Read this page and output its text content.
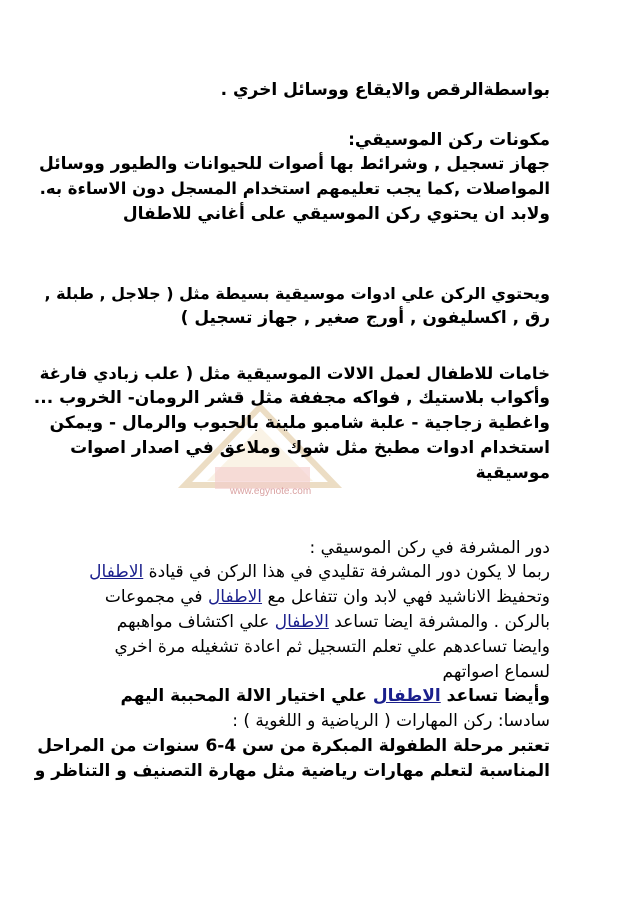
www.egynote.com
بواسطةالرقص والايقاع ووسائل اخري .
مكونات ركن الموسيقي:
جهاز تسجيل , وشرائط بها أصوات للحيوانات والطيور ووسائل
المواصلات ,كما يجب تعليمهم استخدام المسجل دون الاساءة به.
ولابد ان يحتوي ركن الموسيقي على أغاني للاطفال
ويحتوي الركن علي ادوات موسيقية بسيطة مثل ( جلاجل , طبلة ,
رق , اكسليفون , أورج صغير , جهاز تسجيل )
خامات للاطفال لعمل الالات الموسيقية مثل ( علب زبادي فارغة
وأكواب بلاستيك , فواكه مجففة مثل قشر الرومان- الخروب ...
واغطية زجاجية - علبة شامبو ملينة بالحبوب والرمال - ويمكن
استخدام ادوات مطبخ مثل شوك وملاعق في اصدار اصوات
موسيقية
دور المشرفة في ركن الموسيقي :
ربما لا يكون دور المشرفة تقليدي في هذا الركن في قيادة الاطفال
وتحفيظ الاناشيد فهي لابد وان تتفاعل مع الاطفال في مجموعات
بالركن . والمشرفة ايضا تساعد الاطفال علي اكتشاف مواهبهم
وايضا تساعدهم علي تعلم التسجيل ثم اعادة تشغيله مرة اخري
لسماع اصواتهم
وأيضا تساعد الاطفال علي اختيار الالة المحببة اليهم
سادسا: ركن المهارات ( الرياضية و اللغوية ) :
تعتبر مرحلة الطفولة المبكرة من سن 4-6 سنوات من المراحل
المناسبة لتعلم مهارات رياضية مثل مهارة التصنيف و التناظر و
